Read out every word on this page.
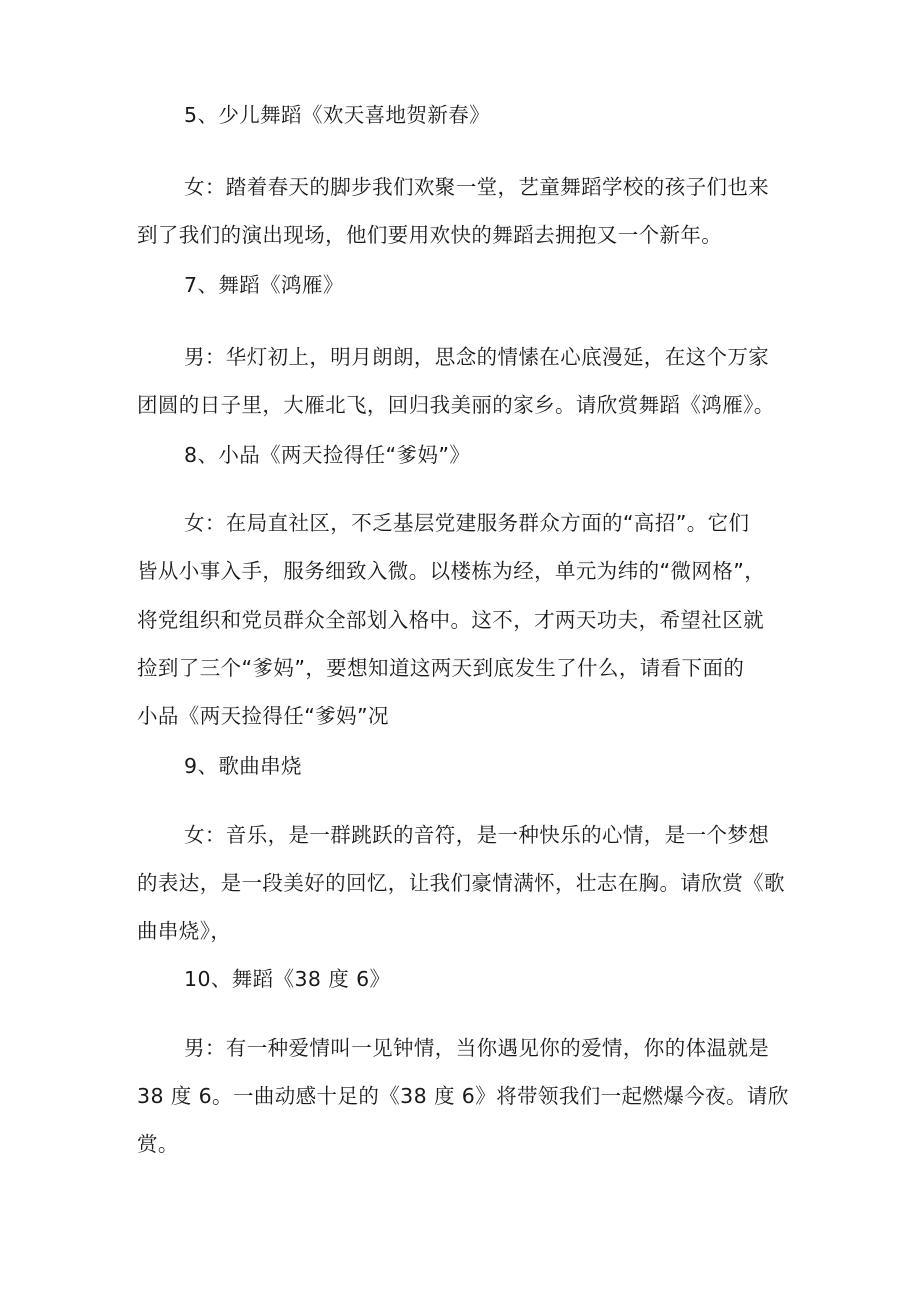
5、少儿舞蹈《欢天喜地贺新春》
女：踏着春天的脚步我们欢聚一堂，艺童舞蹈学校的孩子们也来
到了我们的演出现场，他们要用欢快的舞蹈去拥抱又一个新年。
7、舞蹈《鸿雁》
男：华灯初上，明月朗朗，思念的情愫在心底漫延，在这个万家
团圆的日子里，大雁北飞，回归我美丽的家乡。请欣赏舞蹈《鸿雁》。
8、小品《两天捡得任“爹妈”》
女：在局直社区，不乏基层党建服务群众方面的“高招”。它们
皆从小事入手，服务细致入微。以楼栋为经，单元为纬的“微网格”，
将党组织和党员群众全部划入格中。这不，才两天功夫，希望社区就
捡到了三个“爹妈”，要想知道这两天到底发生了什么，请看下面的
小品《两天捡得任“爹妈”况
9、歌曲串烧
女：音乐，是一群跳跃的音符，是一种快乐的心情，是一个梦想
的表达，是一段美好的回忆，让我们豪情满怀，壮志在胸。请欣赏《歌
曲串烧》，
10、舞蹈《38 度 6》
男：有一种爱情叫一见钟情，当你遇见你的爱情，你的体温就是
38 度 6。一曲动感十足的《38 度 6》将带领我们一起燃爆今夜。请欣
赏。
